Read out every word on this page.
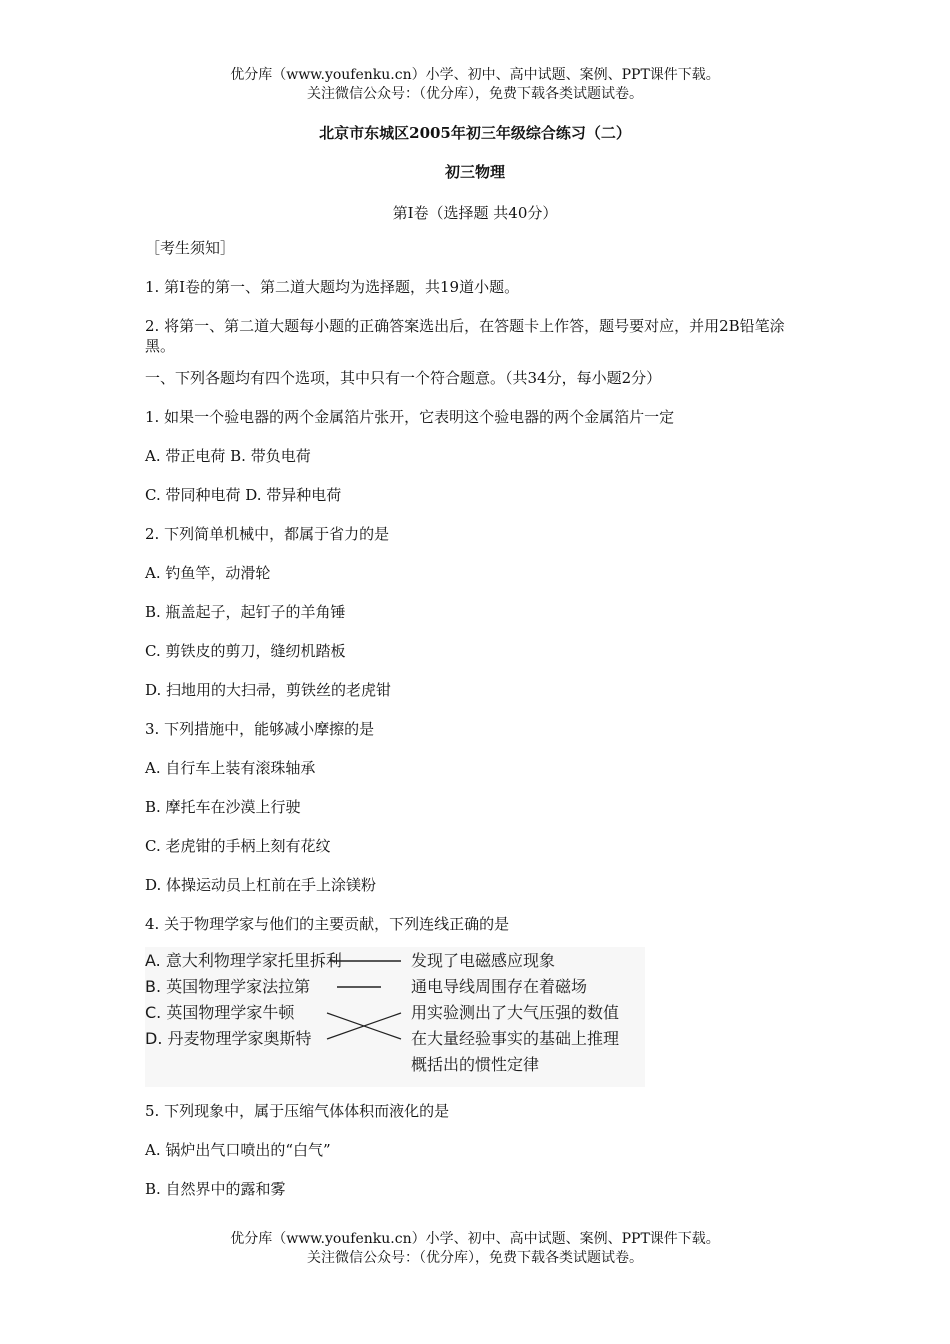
优分库（www.youfenku.cn）小学、初中、高中试题、案例、PPT课件下载。
关注微信公众号：（优分库），免费下载各类试题试卷。
北京市东城区2005年初三年级综合练习（二）
初三物理
第Ⅰ卷（选择题 共40分）

［考生须知］

1. 第Ⅰ卷的第一、第二道大题均为选择题，共19道小题。

2. 将第一、第二道大题每小题的正确答案选出后，在答题卡上作答，题号要对应，并用2B铅笔涂黑。

一、下列各题均有四个选项，其中只有一个符合题意。（共34分，每小题2分）

1. 如果一个验电器的两个金属箔片张开，它表明这个验电器的两个金属箔片一定

A. 带正电荷 B. 带负电荷

C. 带同种电荷 D. 带异种电荷

2. 下列简单机械中，都属于省力的是

A. 钓鱼竿，动滑轮

B. 瓶盖起子，起钉子的羊角锤

C. 剪铁皮的剪刀，缝纫机踏板

D. 扫地用的大扫帚，剪铁丝的老虎钳

3. 下列措施中，能够减小摩擦的是

A. 自行车上装有滚珠轴承

B. 摩托车在沙漠上行驶

C. 老虎钳的手柄上刻有花纹

D. 体操运动员上杠前在手上涂镁粉

4. 关于物理学家与他们的主要贡献，下列连线正确的是

A. 意大利物理学家托里拆利
B. 英国物理学家法拉第
C. 英国物理学家牛顿
D. 丹麦物理学家奥斯特
发现了电磁感应现象
通电导线周围存在着磁场
用实验测出了大气压强的数值
在大量经验事实的基础上推理
概括出的惯性定律

5. 下列现象中，属于压缩气体体积而液化的是

A. 锅炉出气口喷出的“白气”

B. 自然界中的露和雾

优分库（www.youfenku.cn）小学、初中、高中试题、案例、PPT课件下载。
关注微信公众号：（优分库），免费下载各类试题试卷。
